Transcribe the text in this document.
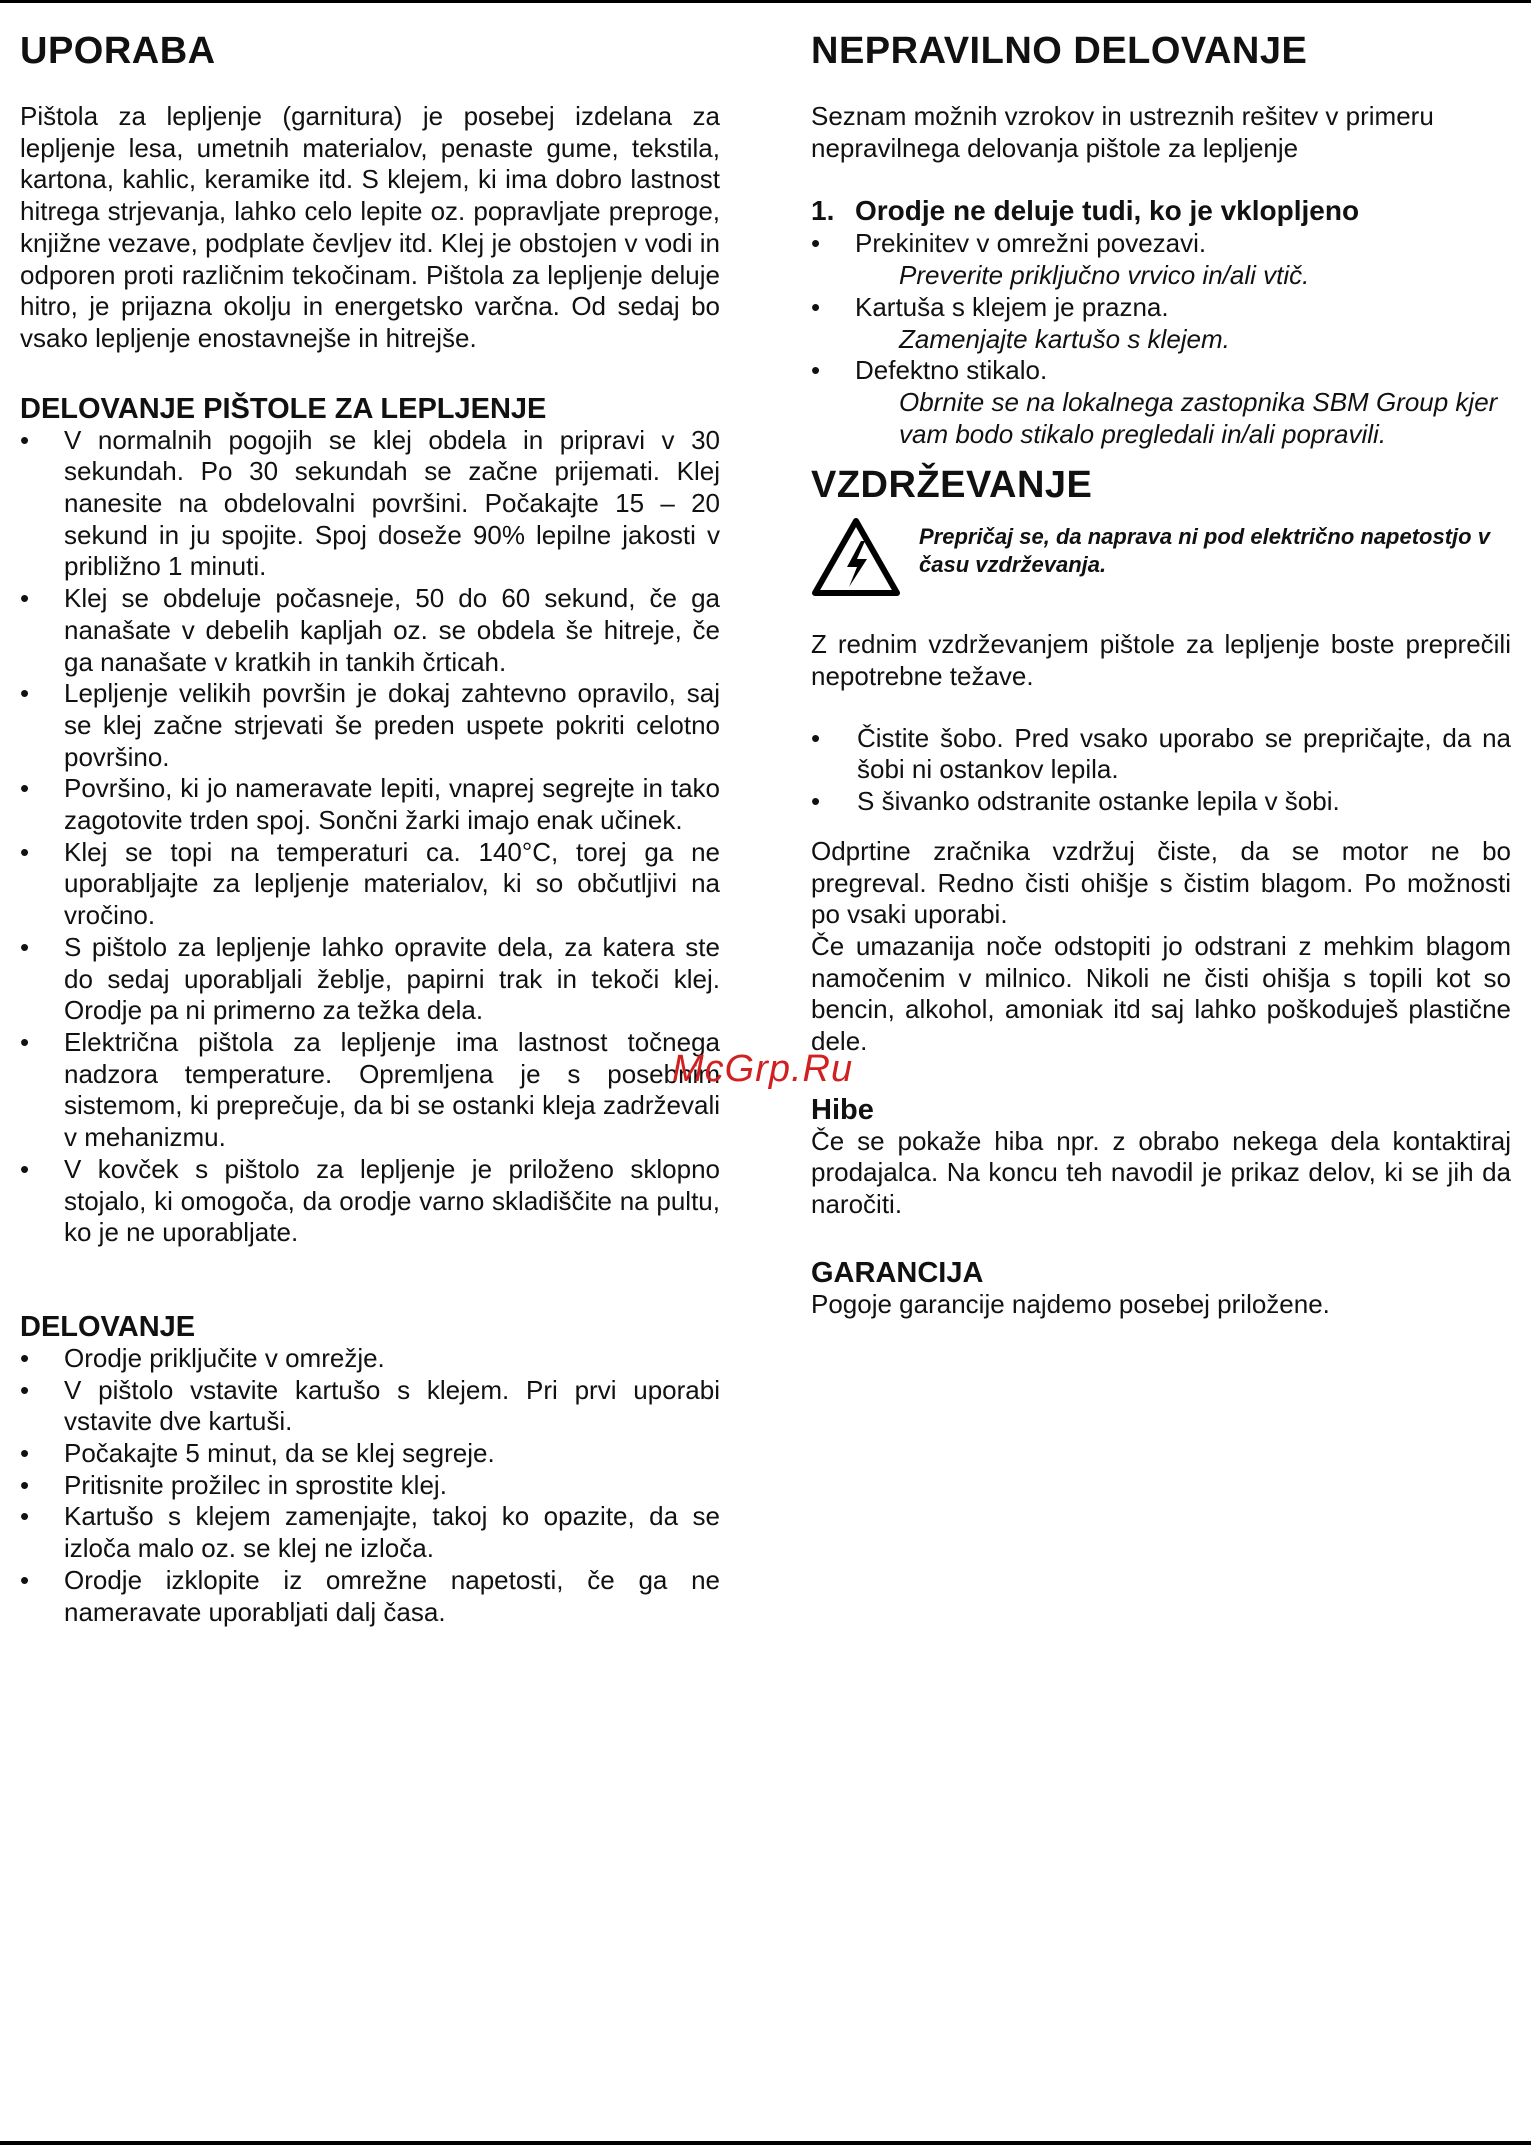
UPORABA

Pištola za lepljenje (garnitura) je posebej izdelana za lepljenje lesa, umetnih materialov, penaste gume, tekstila, kartona, kahlic, keramike itd. S klejem, ki ima dobro lastnost hitrega strjevanja, lahko celo lepite oz. popravljate preproge, knjižne vezave, podplate čevljev itd. Klej je obstojen v vodi in odporen proti različnim tekočinam. Pištola za lepljenje deluje hitro, je prijazna okolju in energetsko varčna. Od sedaj bo vsako lepljenje enostavnejše in hitrejše.

DELOVANJE PIŠTOLE ZA LEPLJENJE
• V normalnih pogojih se klej obdela in pripravi v 30 sekundah. Po 30 sekundah se začne prijemati. Klej nanesite na obdelovalni površini. Počakajte 15 – 20 sekund in ju spojite. Spoj doseže 90% lepilne jakosti v približno 1 minuti.
• Klej se obdeluje počasneje, 50 do 60 sekund, če ga nanašate v debelih kapljah oz. se obdela še hitreje, če ga nanašate v kratkih in tankih črticah.
• Lepljenje velikih površin je dokaj zahtevno opravilo, saj se klej začne strjevati še preden uspete pokriti celotno površino.
• Površino, ki jo nameravate lepiti, vnaprej segrejte in tako zagotovite trden spoj. Sončni žarki imajo enak učinek.
• Klej se topi na temperaturi ca. 140°C, torej ga ne uporabljajte za lepljenje materialov, ki so občutljivi na vročino.
• S pištolo za lepljenje lahko opravite dela, za katera ste do sedaj uporabljali žeblje, papirni trak in tekoči klej. Orodje pa ni primerno za težka dela.
• Električna pištola za lepljenje ima lastnost točnega nadzora temperature. Opremljena je s posebnim sistemom, ki preprečuje, da bi se ostanki kleja zadrževali v mehanizmu.
• V kovček s pištolo za lepljenje je priloženo sklopno stojalo, ki omogoča, da orodje varno skladiščite na pultu, ko je ne uporabljate.
DELOVANJE
• Orodje priključite v omrežje.
• V pištolo vstavite kartušo s klejem. Pri prvi uporabi vstavite dve kartuši.
• Počakajte 5 minut, da se klej segreje.
• Pritisnite prožilec in sprostite klej.
• Kartušo s klejem zamenjajte, takoj ko opazite, da se izloča malo oz. se klej ne izloča.
• Orodje izklopite iz omrežne napetosti, če ga ne nameravate uporabljati dalj časa.
NEPRAVILNO DELOVANJE

Seznam možnih vzrokov in ustreznih rešitev v primeru nepravilnega delovanja pištole za lepljenje

1. Orodje ne deluje tudi, ko je vklopljeno
• Prekinitev v omrežni povezavi.
Preverite priključno vrvico in/ali vtič.
• Kartuša s klejem je prazna.
Zamenjajte kartušo s klejem.
• Defektno stikalo.
Obrnite se na lokalnega zastopnika SBM Group kjer vam bodo stikalo pregledali in/ali popravili.
VZDRŽEVANJE
Prepričaj se, da naprava ni pod električno napetostjo v času vzdrževanja.

Z rednim vzdrževanjem pištole za lepljenje boste preprečili nepotrebne težave.

• Čistite šobo. Pred vsako uporabo se prepričajte, da na šobi ni ostankov lepila.
• S šivanko odstranite ostanke lepila v šobi.

Odprtine zračnika vzdržuj čiste, da se motor ne bo pregreval. Redno čisti ohišje s čistim blagom. Po možnosti po vsaki uporabi.

Če umazanija noče odstopiti jo odstrani z mehkim blagom namočenim v milnico. Nikoli ne čisti ohišja s topili kot so bencin, alkohol, amoniak itd saj lahko poškoduješ plastične dele.

Hibe

Če se pokaže hiba npr. z obrabo nekega dela kontaktiraj prodajalca. Na koncu teh navodil je prikaz delov, ki se jih da naročiti.

GARANCIJA

Pogoje garancije najdemo posebej priložene.

McGrp.Ru
